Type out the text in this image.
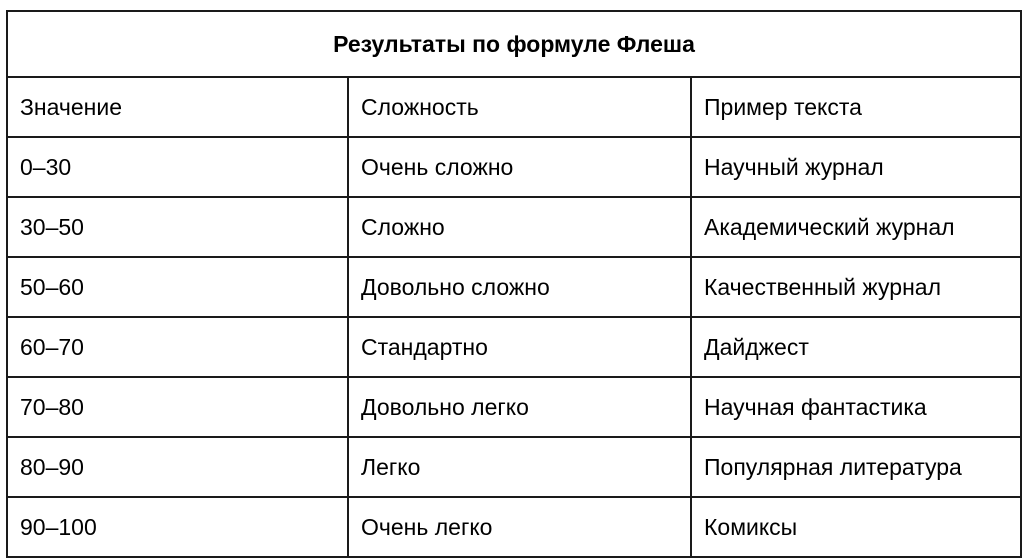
Результаты по формуле Флеша		
Значение	Сложность	Пример текста
0–30	Очень сложно	Научный журнал
30–50	Сложно	Академический журнал
50–60	Довольно сложно	Качественный журнал
60–70	Стандартно	Дайджест
70–80	Довольно легко	Научная фантастика
80–90	Легко	Популярная литература
90–100	Очень легко	Комиксы
